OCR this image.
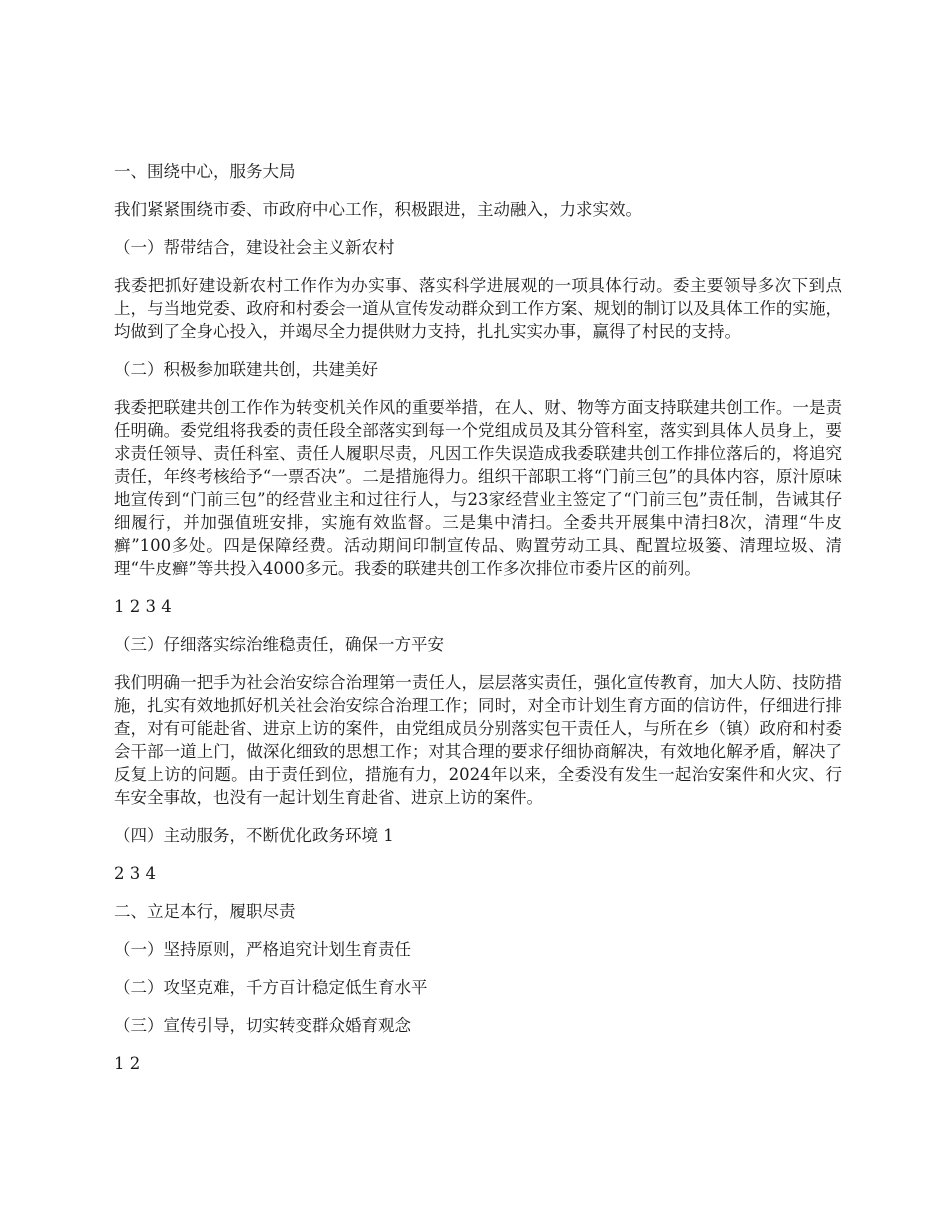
一、围绕中心，服务大局

我们紧紧围绕市委、市政府中心工作，积极跟进，主动融入，力求实效。

（一）帮带结合，建设社会主义新农村

我委把抓好建设新农村工作作为办实事、落实科学进展观的一项具体行动。委主要领导多次下到点上，与当地党委、政府和村委会一道从宣传发动群众到工作方案、规划的制订以及具体工作的实施，均做到了全身心投入，并竭尽全力提供财力支持，扎扎实实办事，赢得了村民的支持。

（二）积极参加联建共创，共建美好

我委把联建共创工作作为转变机关作风的重要举措，在人、财、物等方面支持联建共创工作。一是责任明确。委党组将我委的责任段全部落实到每一个党组成员及其分管科室，落实到具体人员身上，要求责任领导、责任科室、责任人履职尽责，凡因工作失误造成我委联建共创工作排位落后的，将追究责任，年终考核给予“一票否决”。二是措施得力。组织干部职工将“门前三包”的具体内容，原汁原味地宣传到“门前三包”的经营业主和过往行人，与23家经营业主签定了“门前三包”责任制，告诫其仔细履行，并加强值班安排，实施有效监督。三是集中清扫。全委共开展集中清扫8次，清理“牛皮癣”100多处。四是保障经费。活动期间印制宣传品、购置劳动工具、配置垃圾篓、清理垃圾、清理“牛皮癣”等共投入4000多元。我委的联建共创工作多次排位市委片区的前列。

1 2 3 4

（三）仔细落实综治维稳责任，确保一方平安

我们明确一把手为社会治安综合治理第一责任人，层层落实责任，强化宣传教育，加大人防、技防措施，扎实有效地抓好机关社会治安综合治理工作；同时，对全市计划生育方面的信访件，仔细进行排查，对有可能赴省、进京上访的案件，由党组成员分别落实包干责任人，与所在乡（镇）政府和村委会干部一道上门，做深化细致的思想工作；对其合理的要求仔细协商解决，有效地化解矛盾，解决了反复上访的问题。由于责任到位，措施有力，2024年以来，全委没有发生一起治安案件和火灾、行车安全事故，也没有一起计划生育赴省、进京上访的案件。

（四）主动服务，不断优化政务环境 1

2 3 4

二、立足本行，履职尽责

（一）坚持原则，严格追究计划生育责任

（二）攻坚克难，千方百计稳定低生育水平

（三）宣传引导，切实转变群众婚育观念

1 2
